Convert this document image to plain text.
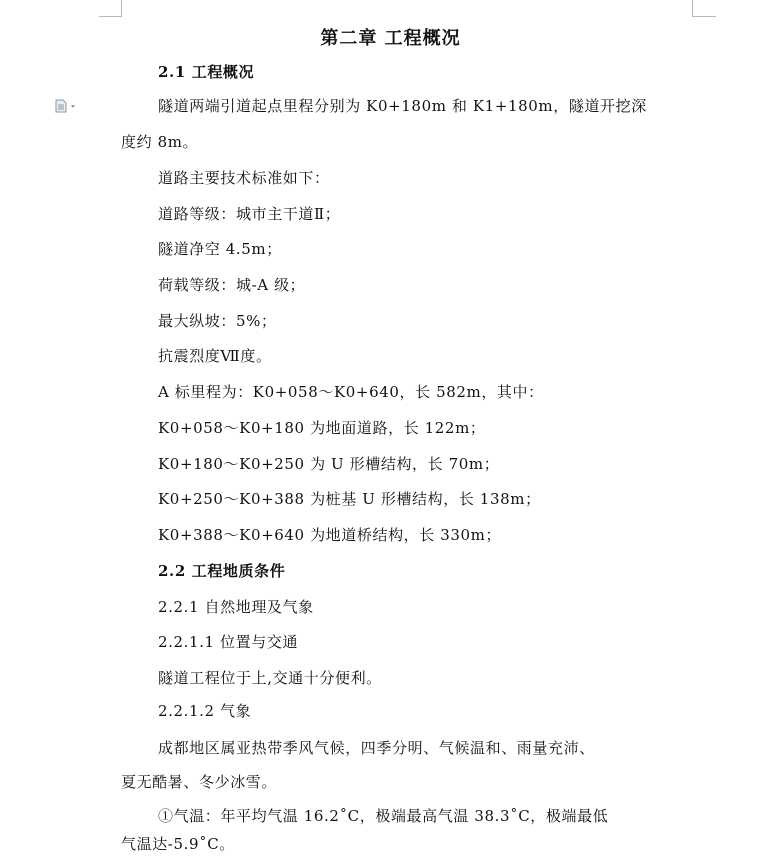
第二章 工程概况
2.1 工程概况
隧道两端引道起点里程分别为 K0+180m 和 K1+180m，隧道开挖深
度约 8m。
道路主要技术标准如下：
道路等级：城市主干道Ⅱ；
隧道净空 4.5m；
荷载等级：城-A 级；
最大纵坡：5%；
抗震烈度Ⅶ度。
A 标里程为：K0+058～K0+640，长 582m，其中：
K0+058～K0+180 为地面道路，长 122m；
K0+180～K0+250 为 U 形槽结构，长 70m；
K0+250～K0+388 为桩基 U 形槽结构，长 138m；
K0+388～K0+640 为地道桥结构，长 330m；
2.2 工程地质条件
2.2.1 自然地理及气象
2.2.1.1 位置与交通
隧道工程位于上,交通十分便利。
2.2.1.2 气象
成都地区属亚热带季风气候，四季分明、气候温和、雨量充沛、
夏无酷暑、冬少冰雪。
①气温：年平均气温 16.2˚C，极端最高气温 38.3˚C，极端最低
气温达-5.9˚C。
